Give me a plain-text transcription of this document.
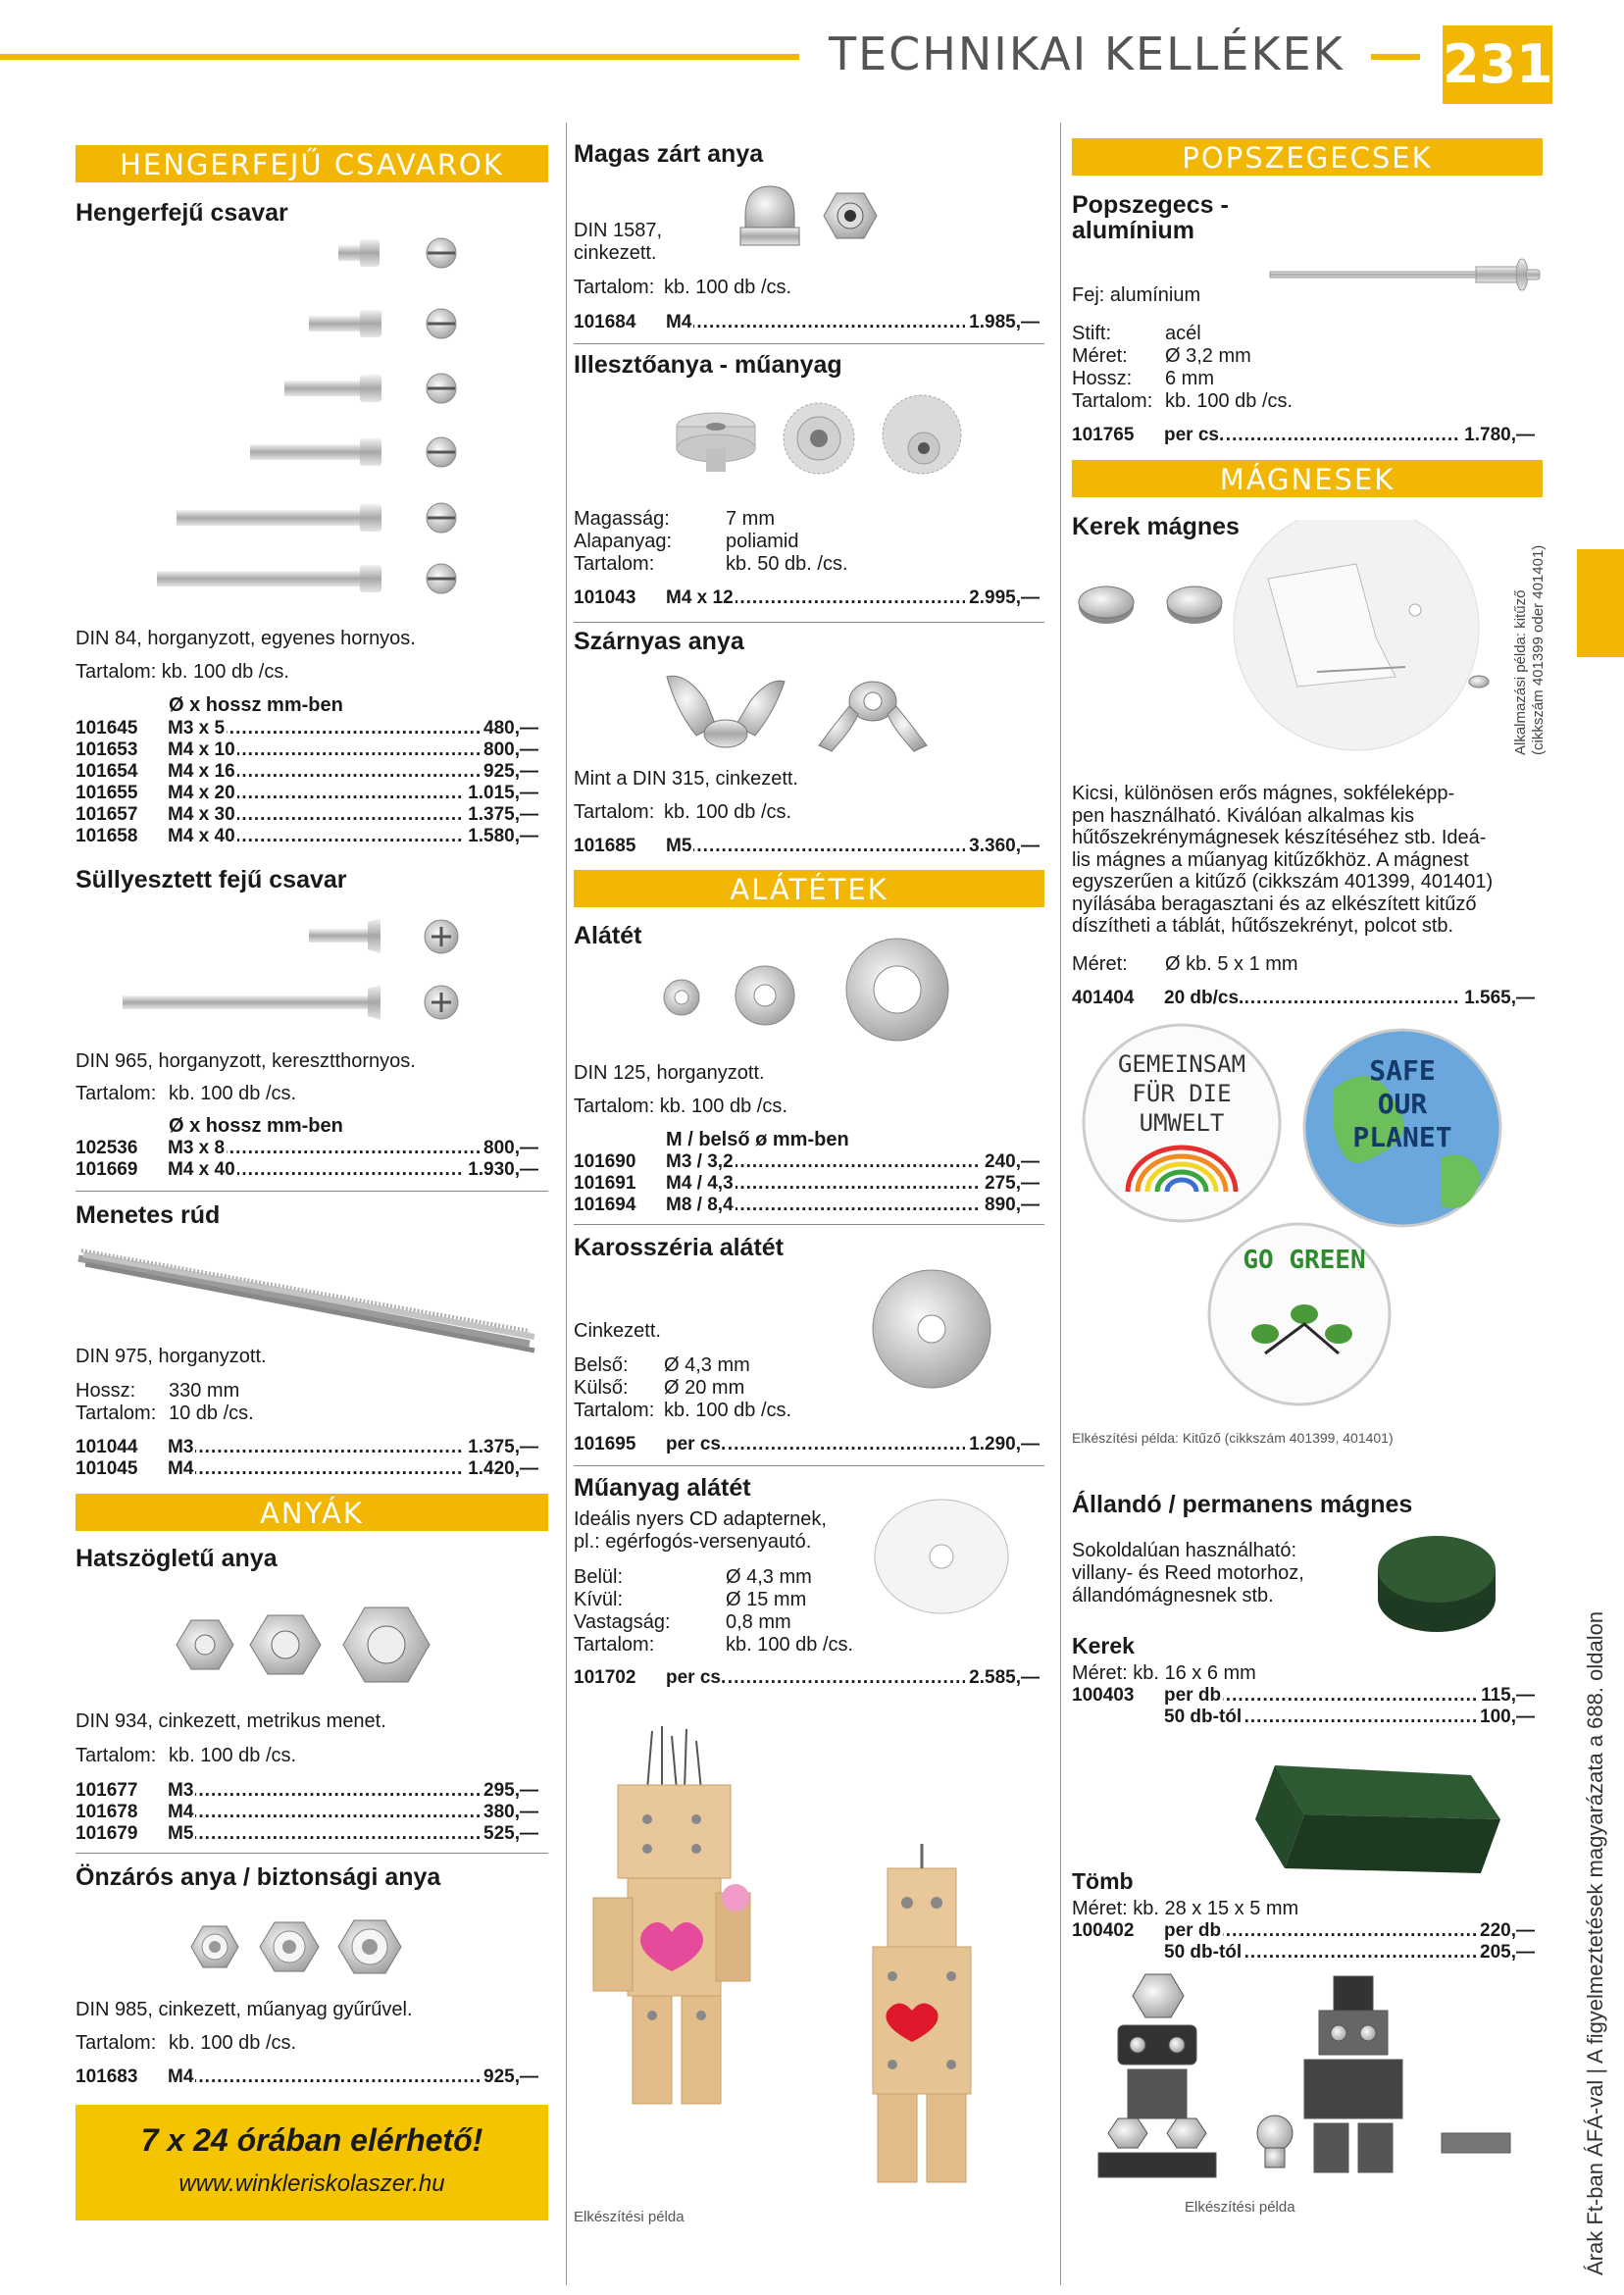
TECHNIKAI KELLÉKEK 231
Árak Ft-ban ÁFÁ-val | A figyelmeztetések magyarázata a 688. oldalon
HENGERFEJŰ CSAVAROK
Hengerfejű csavar
DIN 84, horganyzott, egyenes hornyos.
Tartalom: kb. 100 db /cs.
Ø x hossz mm-ben
101645	M3 x 5 .....	480,—
101653	M4 x 10 .....	800,—
101654	M4 x 16 .....	925,—
101655	M4 x 20 .....	1.015,—
101657	M4 x 30 .....	1.375,—
101658	M4 x 40 .....	1.580,—
Süllyesztett fejű csavar
DIN 965, horganyzott, keresztthornyos.
Tartalom: kb. 100 db /cs.
Ø x hossz mm-ben
102536	M3 x 8 .....	800,—
101669	M4 x 40 .....	1.930,—
Menetes rúd
DIN 975, horganyzott.
Hossz: 330 mm
Tartalom: 10 db /cs.
101044	M3 .....	1.375,—
101045	M4 .....	1.420,—
ANYÁK
Hatszögletű anya
DIN 934, cinkezett, metrikus menet.
Tartalom: kb. 100 db /cs.
101677	M3 .....	295,—
101678	M4 .....	380,—
101679	M5 .....	525,—
Önzárós anya / biztonsági anya
DIN 985, cinkezett, műanyag gyűrűvel.
Tartalom: kb. 100 db /cs.
101683	M4 .....	925,—
7 x 24 órában elérhető!
www.winkleriskolaszer.hu
Magas zárt anya
DIN 1587,
cinkezett.
Tartalom: kb. 100 db /cs.
101684	M4 .....	1.985,—
Illesztőanya - műanyag
Magasság:	7 mm
Alapanyag:	poliamid
Tartalom:	kb. 50 db. /cs.
101043	M4 x 12 .....	2.995,—
Szárnyas anya
Mint a DIN 315, cinkezett.
Tartalom: kb. 100 db /cs.
101685	M5 .....	3.360,—
ALÁTÉTEK
Alátét
DIN 125, horganyzott.
Tartalom: kb. 100 db /cs.
M / belső ø mm-ben
101690	M3 / 3,2 .....	240,—
101691	M4 / 4,3 .....	275,—
101694	M8 / 8,4 .....	890,—
Karosszéria alátét
Cinkezett.
Belső: Ø 4,3 mm
Külső: Ø 20 mm
Tartalom: kb. 100 db /cs.
101695	per cs. .....	1.290,—
Műanyag alátét
Ideális nyers CD adapternek,
pl.: egérfogós-versenyautó.
Belül:	Ø 4,3 mm
Kívül:	Ø 15 mm
Vastagság:	0,8 mm
Tartalom:	kb. 100 db /cs.
101702	per cs. .....	2.585,—
Elkészítési példa
POPSZEGECSEK
Popszegecs -
alumínium
Fej: alumínium
Stift:	acél
Méret: Ø 3,2 mm
Hossz: 6 mm
Tartalom: kb. 100 db /cs.
101765	per cs. .....	1.780,—
MÁGNESEK
Kerek mágnes
Alkalmazási példa: kitűző (cikkszám 401399 oder 401401)
Kicsi, különösen erős mágnes, sokféleképp-
pen használható. Kiválóan alkalmas kis
hűtőszekrénymágnesek készítéséhez stb. Ideá-
lis mágnes a műanyag kitűzőkhöz. A mágnest
egyszerűen a kitűző (cikkszám 401399, 401401)
nyílásába beragasztani és az elkészített kitűző
díszítheti a táblát, hűtőszekrényt, polcot stb.
Méret: Ø kb. 5 x 1 mm
401404	20 db/cs. .....	1.565,—
GEMEINSAM FÜR DIE UMWELT
SAFE OUR PLANET
GO GREEN
Elkészítési példa: Kitűző (cikkszám 401399, 401401)
Állandó / permanens mágnes
Sokoldalúan használható:
villany- és Reed motorhoz,
állandómágnesnek stb.
Kerek
Méret: kb. 16 x 6 mm
100403	per db .....	115,—
50 db-tól .....	100,—
Tömb
Méret: kb. 28 x 15 x 5 mm
100402	per db .....	220,—
50 db-tól .....	205,—
Elkészítési példa
